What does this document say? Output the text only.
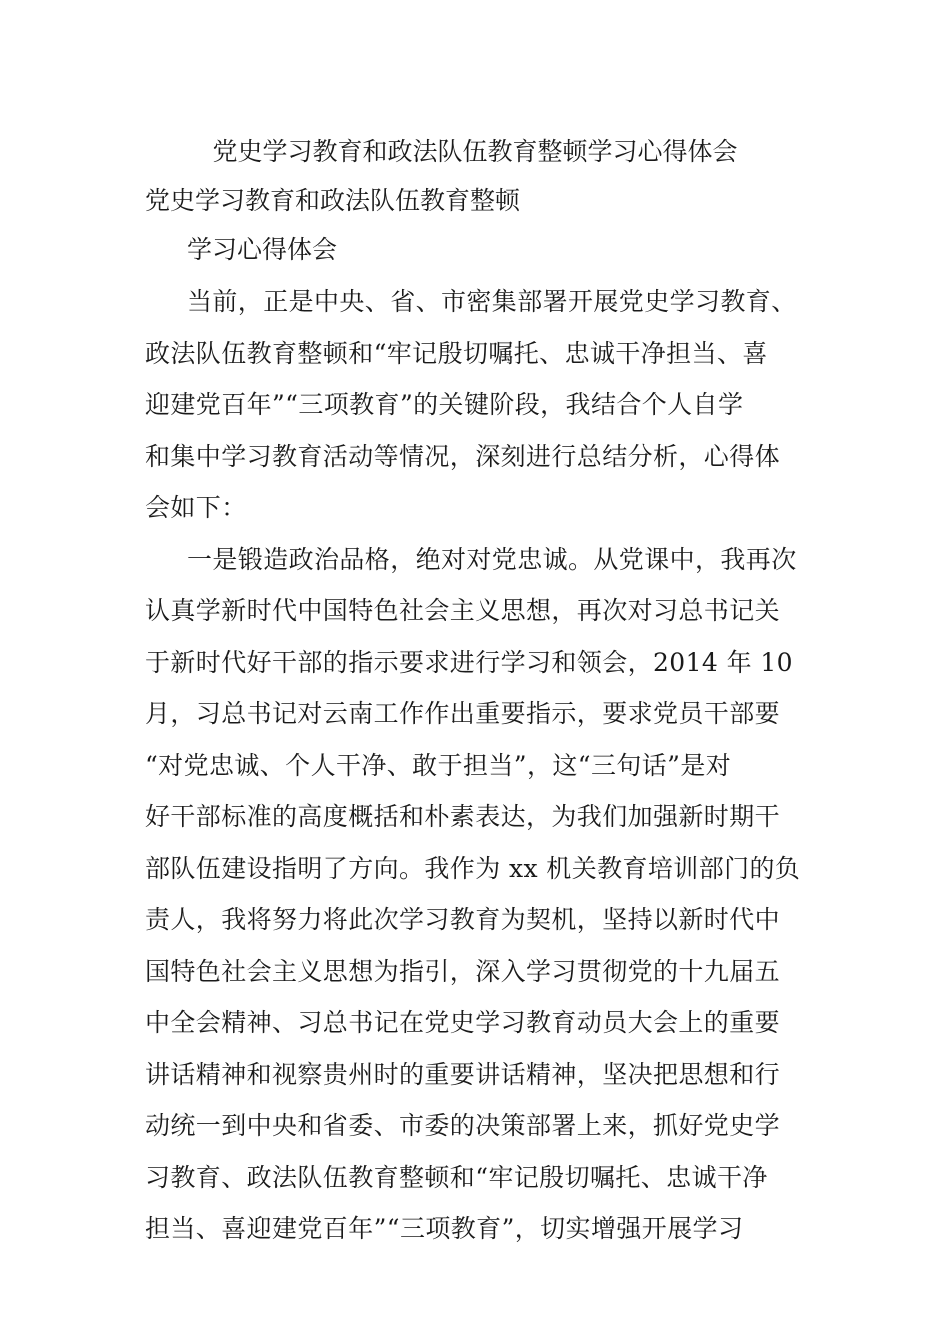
党史学习教育和政法队伍教育整顿学习心得体会
党史学习教育和政法队伍教育整顿
学习心得体会
当前，正是中央、省、市密集部署开展党史学习教育、
政法队伍教育整顿和“牢记殷切嘱托、忠诚干净担当、喜
迎建党百年”“三项教育”的关键阶段，我结合个人自学
和集中学习教育活动等情况，深刻进行总结分析，心得体
会如下：
一是锻造政治品格，绝对对党忠诚。从党课中，我再次
认真学新时代中国特色社会主义思想，再次对习总书记关
于新时代好干部的指示要求进行学习和领会，2014 年 10
月，习总书记对云南工作作出重要指示，要求党员干部要
“对党忠诚、个人干净、敢于担当”，这“三句话”是对
好干部标准的高度概括和朴素表达，为我们加强新时期干
部队伍建设指明了方向。我作为 xx 机关教育培训部门的负
责人，我将努力将此次学习教育为契机，坚持以新时代中
国特色社会主义思想为指引，深入学习贯彻党的十九届五
中全会精神、习总书记在党史学习教育动员大会上的重要
讲话精神和视察贵州时的重要讲话精神，坚决把思想和行
动统一到中央和省委、市委的决策部署上来，抓好党史学
习教育、政法队伍教育整顿和“牢记殷切嘱托、忠诚干净
担当、喜迎建党百年”“三项教育”，切实增强开展学习
